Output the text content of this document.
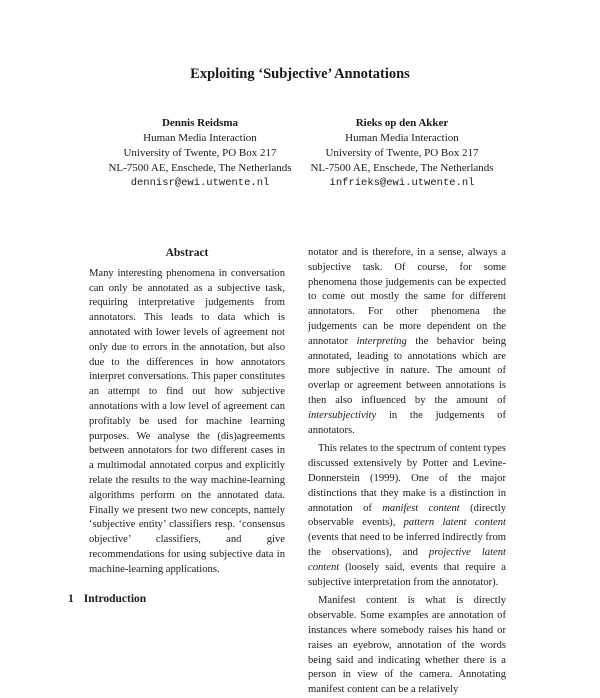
Exploiting ‘Subjective’ Annotations
Dennis Reidsma
Human Media Interaction
University of Twente, PO Box 217
NL-7500 AE, Enschede, The Netherlands
dennisr@ewi.utwente.nl
Rieks op den Akker
Human Media Interaction
University of Twente, PO Box 217
NL-7500 AE, Enschede, The Netherlands
infrieks@ewi.utwente.nl
Abstract

Many interesting phenomena in conversation can only be annotated as a subjective task, requiring interpretative judgements from annotators. This leads to data which is annotated with lower levels of agreement not only due to errors in the annotation, but also due to the differences in how annotators interpret conversations. This paper constitutes an attempt to find out how subjective annotations with a low level of agreement can profitably be used for machine learning purposes. We analyse the (dis)agreements between annotators for two different cases in a multimodal annotated corpus and explicitly relate the results to the way machine-learning algorithms perform on the annotated data. Finally we present two new concepts, namely ‘subjective entity’ classifiers resp. ‘consensus objective’ classifiers, and give recommendations for using subjective data in machine-learning applications.

notator and is therefore, in a sense, always a subjective task. Of course, for some phenomena those judgements can be expected to come out mostly the same for different annotators. For other phenomena the judgements can be more dependent on the annotator interpreting the behavior being annotated, leading to annotations which are more subjective in nature. The amount of overlap or agreement between annotations is then also influenced by the amount of intersubjectivity in the judgements of annotators.

This relates to the spectrum of content types discussed extensively by Potter and Levine-Donnerstein (1999). One of the major distinctions that they make is a distinction in annotation of manifest content (directly observable events), pattern latent content (events that need to be inferred indirectly from the observations), and projective latent content (loosely said, events that require a subjective interpretation from the annotator).

Manifest content is what is directly observable. Some examples are annotation of instances where somebody raises his hand or raises an eyebrow, annotation of the words being said and indicating whether there is a person in view of the camera. Annotating manifest content can be a relatively

1 Introduction
